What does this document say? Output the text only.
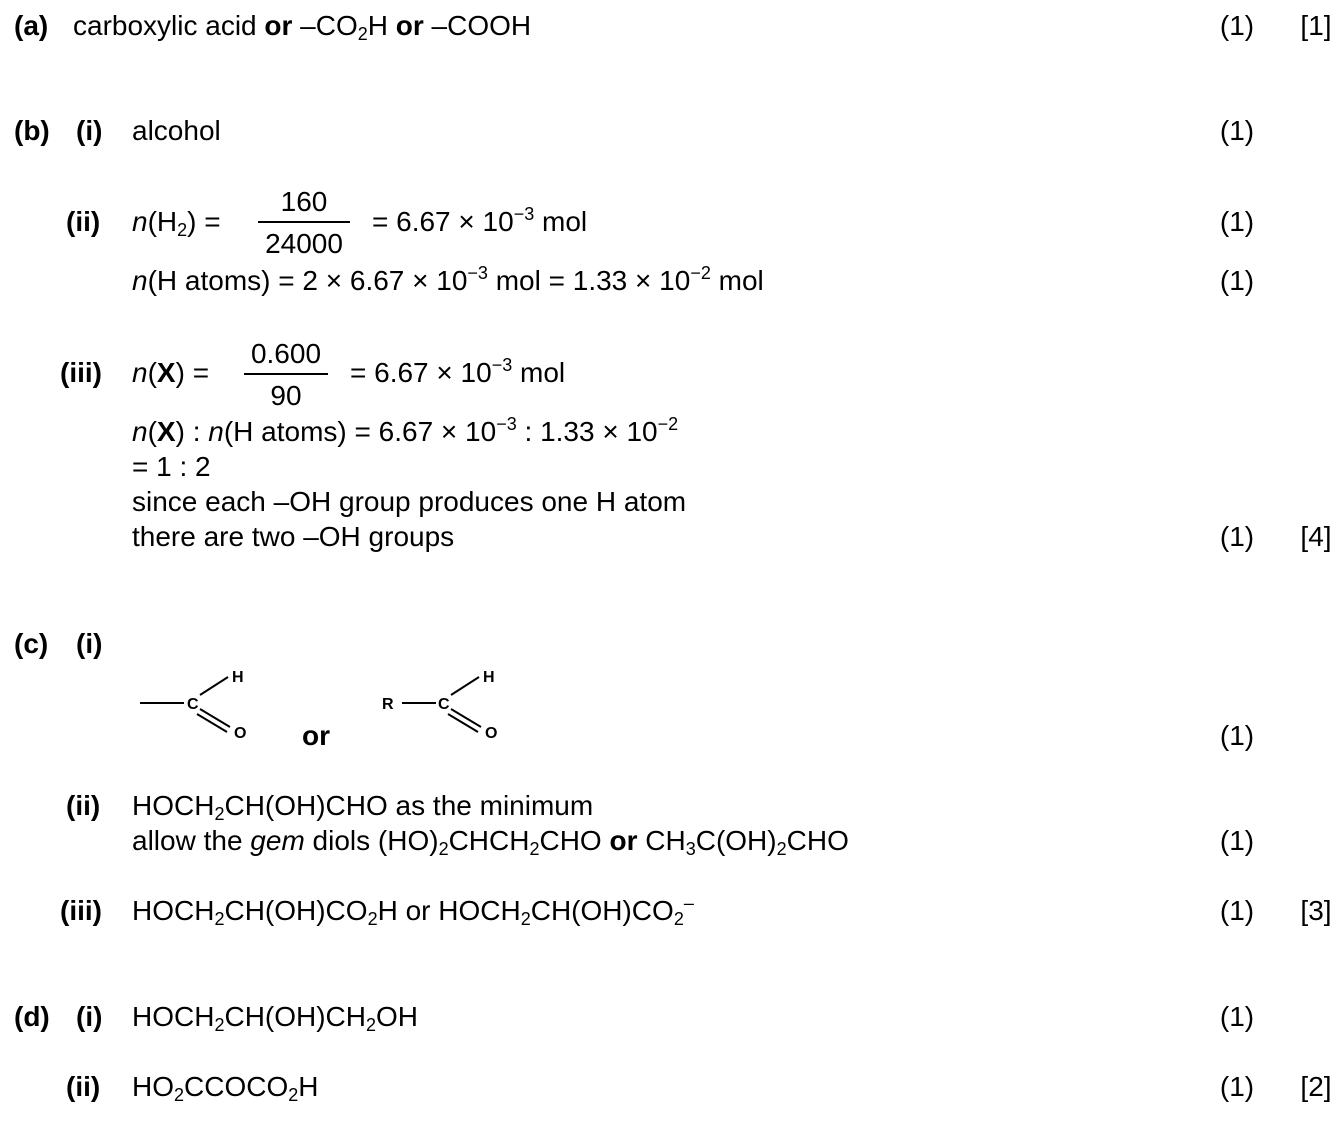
(a) carboxylic acid or $-CO_2H$ or –COOH	(1) [1]
(b) (i) alcohol	(1)
(ii) $n(H_2)$ =
160
24000
= $6.67 \times 10^{-3}$ mol	(1)
n(H atoms) = $2 \times 6.67 \times 10^{-3}$ mol = $1.33 \times 10^{-2}$ mol	(1)
(iii) n(X) =
0.600
90
= $6.67 \times 10^{-3}$ mol
n(X) : n(H atoms) = $6.67 \times 10^{-3}$ : $1.33 \times 10^{-2}$
= 1 : 2
since each –OH group produces one H atom
there are two –OH groups	(1) [4]
(c) (i)
C
H
O or
R	C
H
O	(1)
(ii) $HOCH_2CH(OH)CHO$ as the minimum
allow the gem diols $(HO)_2CHCH_2CHO$ or $CH_3C(OH)_2CHO$	(1)
(iii) $HOCH_2CH(OH)CO_2H$ or $HOCH_2CH(OH)CO_2^-$	(1) [3]
(d) (i) $HOCH_2CH(OH)CH_2OH$	(1)
(ii) $HO_2CCOCO_2H$	(1) [2]
